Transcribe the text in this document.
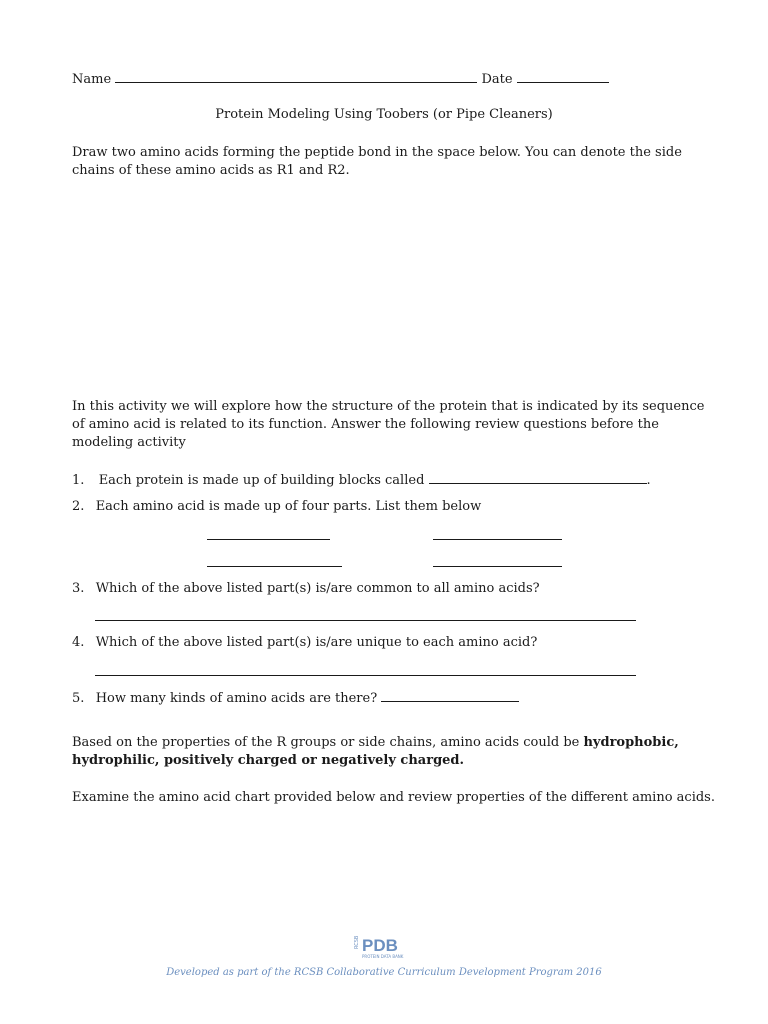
Name	Date
Protein Modeling Using Toobers (or Pipe Cleaners)
Draw two amino acids forming the peptide bond in the space below. You can denote the side
chains of these amino acids as R1 and R2.
In this activity we will explore how the structure of the protein that is indicated by its sequence
of amino acid is related to its function. Answer the following review questions before the
modeling activity
1. Each protein is made up of building blocks called	.
2. Each amino acid is made up of four parts. List them below
3. Which of the above listed part(s) is/are common to all amino acids?
4. Which of the above listed part(s) is/are unique to each amino acid?
5. How many kinds of amino acids are there?
Based on the properties of the R groups or side chains, amino acids could be hydrophobic,
hydrophilic, positively charged or negatively charged.
Examine the amino acid chart provided below and review properties of the different amino acids.
RCSB PDB
PROTEIN DATA BANK
Developed as part of the RCSB Collaborative Curriculum Development Program 2016
